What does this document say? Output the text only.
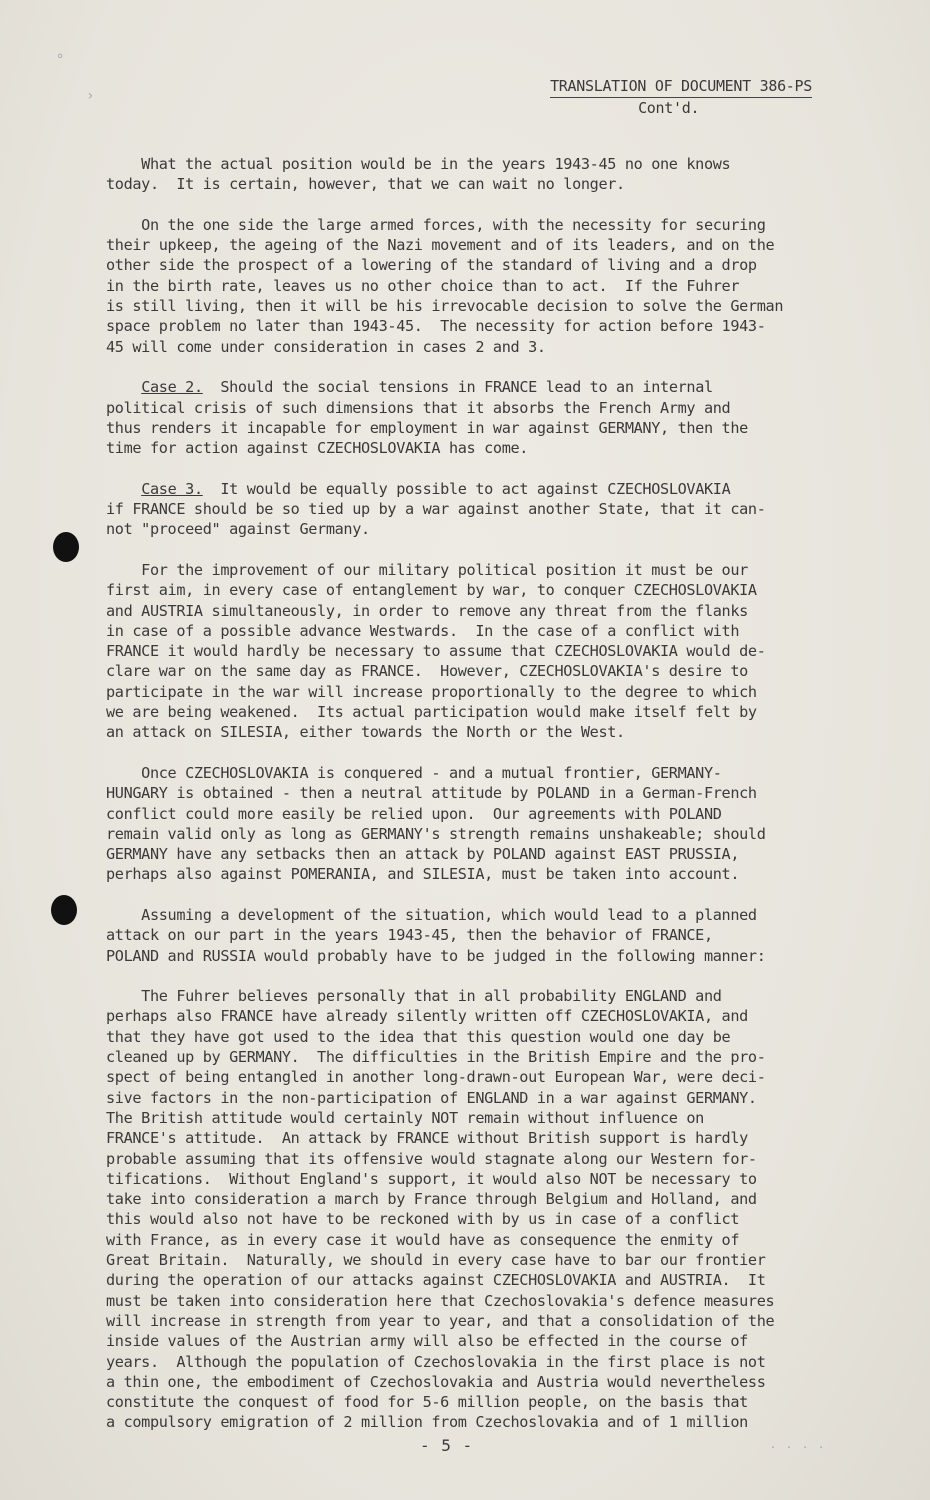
°
›
TRANSLATION OF DOCUMENT 386-PS
Cont'd.
What the actual position would be in the years 1943-45 no one knows
today.  It is certain, however, that we can wait no longer.
On the one side the large armed forces, with the necessity for securing
their upkeep, the ageing of the Nazi movement and of its leaders, and on the
other side the prospect of a lowering of the standard of living and a drop
in the birth rate, leaves us no other choice than to act.  If the Fuhrer
is still living, then it will be his irrevocable decision to solve the German
space problem no later than 1943-45.  The necessity for action before 1943-
45 will come under consideration in cases 2 and 3.
Case 2.  Should the social tensions in FRANCE lead to an internal
political crisis of such dimensions that it absorbs the French Army and
thus renders it incapable for employment in war against GERMANY, then the
time for action against CZECHOSLOVAKIA has come.
Case 3.  It would be equally possible to act against CZECHOSLOVAKIA
if FRANCE should be so tied up by a war against another State, that it can-
not "proceed" against Germany.
For the improvement of our military political position it must be our
first aim, in every case of entanglement by war, to conquer CZECHOSLOVAKIA
and AUSTRIA simultaneously, in order to remove any threat from the flanks
in case of a possible advance Westwards.  In the case of a conflict with
FRANCE it would hardly be necessary to assume that CZECHOSLOVAKIA would de-
clare war on the same day as FRANCE.  However, CZECHOSLOVAKIA's desire to
participate in the war will increase proportionally to the degree to which
we are being weakened.  Its actual participation would make itself felt by
an attack on SILESIA, either towards the North or the West.
Once CZECHOSLOVAKIA is conquered - and a mutual frontier, GERMANY-
HUNGARY is obtained - then a neutral attitude by POLAND in a German-French
conflict could more easily be relied upon.  Our agreements with POLAND
remain valid only as long as GERMANY's strength remains unshakeable; should
GERMANY have any setbacks then an attack by POLAND against EAST PRUSSIA,
perhaps also against POMERANIA, and SILESIA, must be taken into account.
Assuming a development of the situation, which would lead to a planned
attack on our part in the years 1943-45, then the behavior of FRANCE,
POLAND and RUSSIA would probably have to be judged in the following manner:
The Fuhrer believes personally that in all probability ENGLAND and
perhaps also FRANCE have already silently written off CZECHOSLOVAKIA, and
that they have got used to the idea that this question would one day be
cleaned up by GERMANY.  The difficulties in the British Empire and the pro-
spect of being entangled in another long-drawn-out European War, were deci-
sive factors in the non-participation of ENGLAND in a war against GERMANY.
The British attitude would certainly NOT remain without influence on
FRANCE's attitude.  An attack by FRANCE without British support is hardly
probable assuming that its offensive would stagnate along our Western for-
tifications.  Without England's support, it would also NOT be necessary to
take into consideration a march by France through Belgium and Holland, and
this would also not have to be reckoned with by us in case of a conflict
with France, as in every case it would have as consequence the enmity of
Great Britain.  Naturally, we should in every case have to bar our frontier
during the operation of our attacks against CZECHOSLOVAKIA and AUSTRIA.  It
must be taken into consideration here that Czechoslovakia's defence measures
will increase in strength from year to year, and that a consolidation of the
inside values of the Austrian army will also be effected in the course of
years.  Although the population of Czechoslovakia in the first place is not
a thin one, the embodiment of Czechoslovakia and Austria would nevertheless
constitute the conquest of food for 5-6 million people, on the basis that
a compulsory emigration of 2 million from Czechoslovakia and of 1 million
- 5 -	. . . .
